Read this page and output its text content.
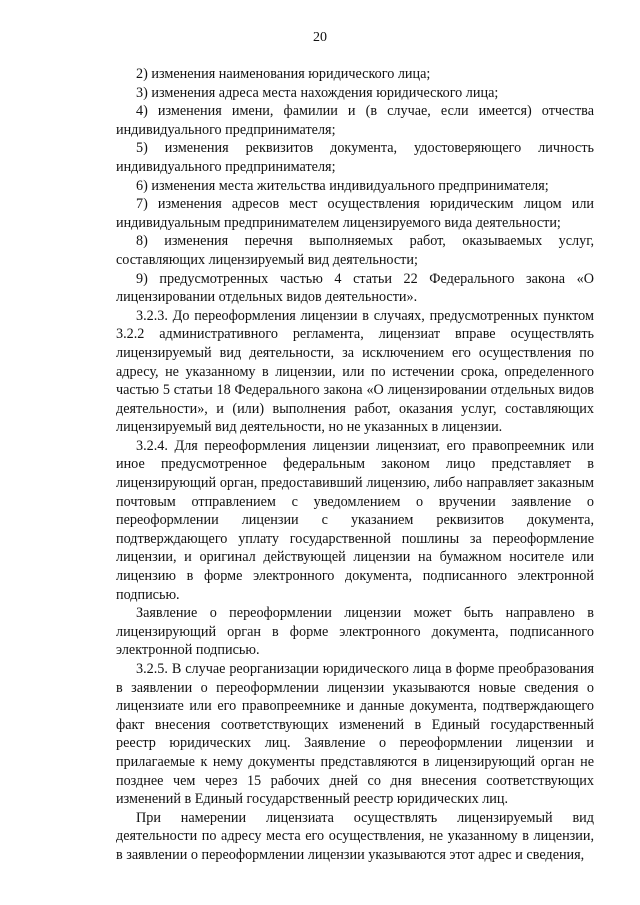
20

2) изменения наименования юридического лица;

3) изменения адреса места нахождения юридического лица;

4) изменения имени, фамилии и (в случае, если имеется) отчества индивидуального предпринимателя;

5) изменения реквизитов документа, удостоверяющего личность индивидуального предпринимателя;

6) изменения места жительства индивидуального предпринимателя;

7) изменения адресов мест осуществления юридическим лицом или индивидуальным предпринимателем лицензируемого вида деятельности;

8) изменения перечня выполняемых работ, оказываемых услуг, составляющих лицензируемый вид деятельности;

9) предусмотренных частью 4 статьи 22 Федерального закона «О лицензировании отдельных видов деятельности».

3.2.3. До переоформления лицензии в случаях, предусмотренных пунктом 3.2.2 административного регламента, лицензиат вправе осуществлять лицензируемый вид деятельности, за исключением его осуществления по адресу, не указанному в лицензии, или по истечении срока, определенного частью 5 статьи 18 Федерального закона «О лицензировании отдельных видов деятельности», и (или) выполнения работ, оказания услуг, составляющих лицензируемый вид деятельности, но не указанных в лицензии.

3.2.4. Для переоформления лицензии лицензиат, его правопреемник или иное предусмотренное федеральным законом лицо представляет в лицензирующий орган, предоставивший лицензию, либо направляет заказным почтовым отправлением с уведомлением о вручении заявление о переоформлении лицензии с указанием реквизитов документа, подтверждающего уплату государственной пошлины за переоформление лицензии, и оригинал действующей лицензии на бумажном носителе или лицензию в форме электронного документа, подписанного электронной подписью.

Заявление о переоформлении лицензии может быть направлено в лицензирующий орган в форме электронного документа, подписанного электронной подписью.

3.2.5. В случае реорганизации юридического лица в форме преобразования в заявлении о переоформлении лицензии указываются новые сведения о лицензиате или его правопреемнике и данные документа, подтверждающего факт внесения соответствующих изменений в Единый государственный реестр юридических лиц. Заявление о переоформлении лицензии и прилагаемые к нему документы представляются в лицензирующий орган не позднее чем через 15 рабочих дней со дня внесения соответствующих изменений в Единый государственный реестр юридических лиц.

При намерении лицензиата осуществлять лицензируемый вид деятельности по адресу места его осуществления, не указанному в лицензии, в заявлении о переоформлении лицензии указываются этот адрес и сведения,
